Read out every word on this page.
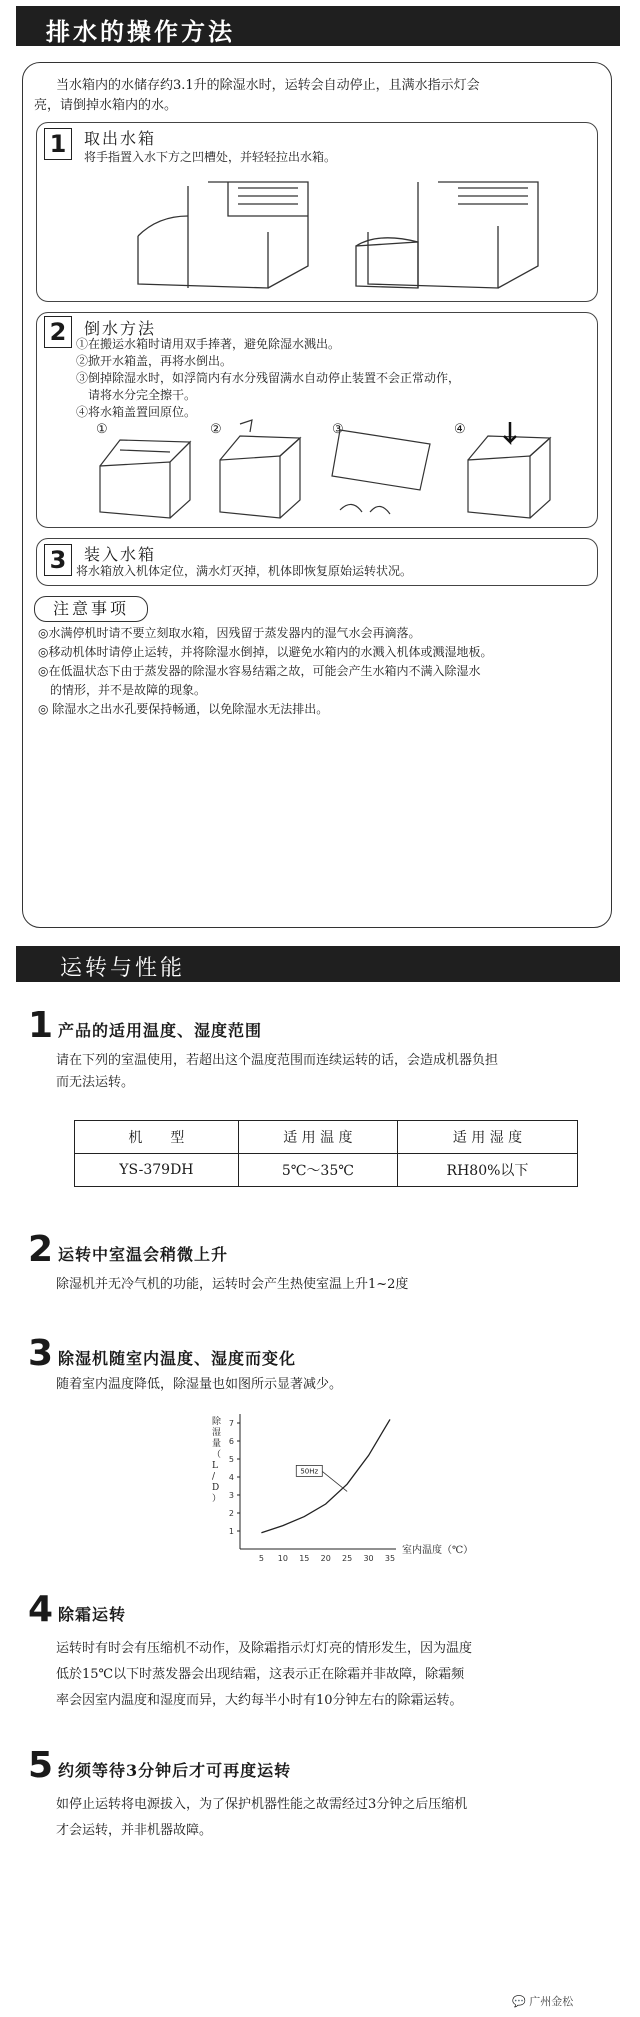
排水的操作方法
当水箱内的水储存约3.1升的除湿水时，运转会自动停止，且满水指示灯会
亮，请倒掉水箱内的水。
1	取出水箱
将手指置入水下方之凹槽处，并轻轻拉出水箱。
2	倒水方法
①在搬运水箱时请用双手捧著，避免除湿水溅出。
②掀开水箱盖，再将水倒出。
③倒掉除湿水时，如浮筒内有水分残留满水自动停止装置不会正常动作，
　请将水分完全擦干。
④将水箱盖置回原位。
①	②	③	④
3	装入水箱
将水箱放入机体定位，满水灯灭掉，机体即恢复原始运转状况。
注意事项
◎水满停机时请不要立刻取水箱，因残留于蒸发器内的湿气水会再滴落。
◎移动机体时请停止运转，并将除湿水倒掉，以避免水箱内的水溅入机体或溅湿地板。
◎在低温状态下由于蒸发器的除湿水容易结霜之故，可能会产生水箱内不满入除湿水
　的情形，并不是故障的现象。
◎ 除湿水之出水孔要保持畅通，以免除湿水无法排出。
运转与性能
1 产品的适用温度、湿度范围
请在下列的室温使用，若超出这个温度范围而连续运转的话，会造成机器负担
而无法运转。
机　　型	适 用 温 度	适 用 湿 度
YS-379DH	5℃～35℃	RH80%以下
2 运转中室温会稍微上升
除湿机并无冷气机的功能，运转时会产生热使室温上升1~2度
3 除湿机随室内温度、湿度而变化
随着室内温度降低，除湿量也如图所示显著减少。
5 10 15 20 25 30 35
1
2
3
4
5
6
7
50Hz
除湿量（ L / D ）
室内温度（℃）
4 除霜运转
运转时有时会有压缩机不动作，及除霜指示灯灯亮的情形发生，因为温度
低於15℃以下时蒸发器会出现结霜，这表示正在除霜并非故障，除霜频
率会因室内温度和湿度而异，大约每半小时有10分钟左右的除霜运转。
5 约须等待3分钟后才可再度运转
如停止运转将电源拔入，为了保护机器性能之故需经过3分钟之后压缩机
才会运转，并非机器故障。
💬 广州金松
